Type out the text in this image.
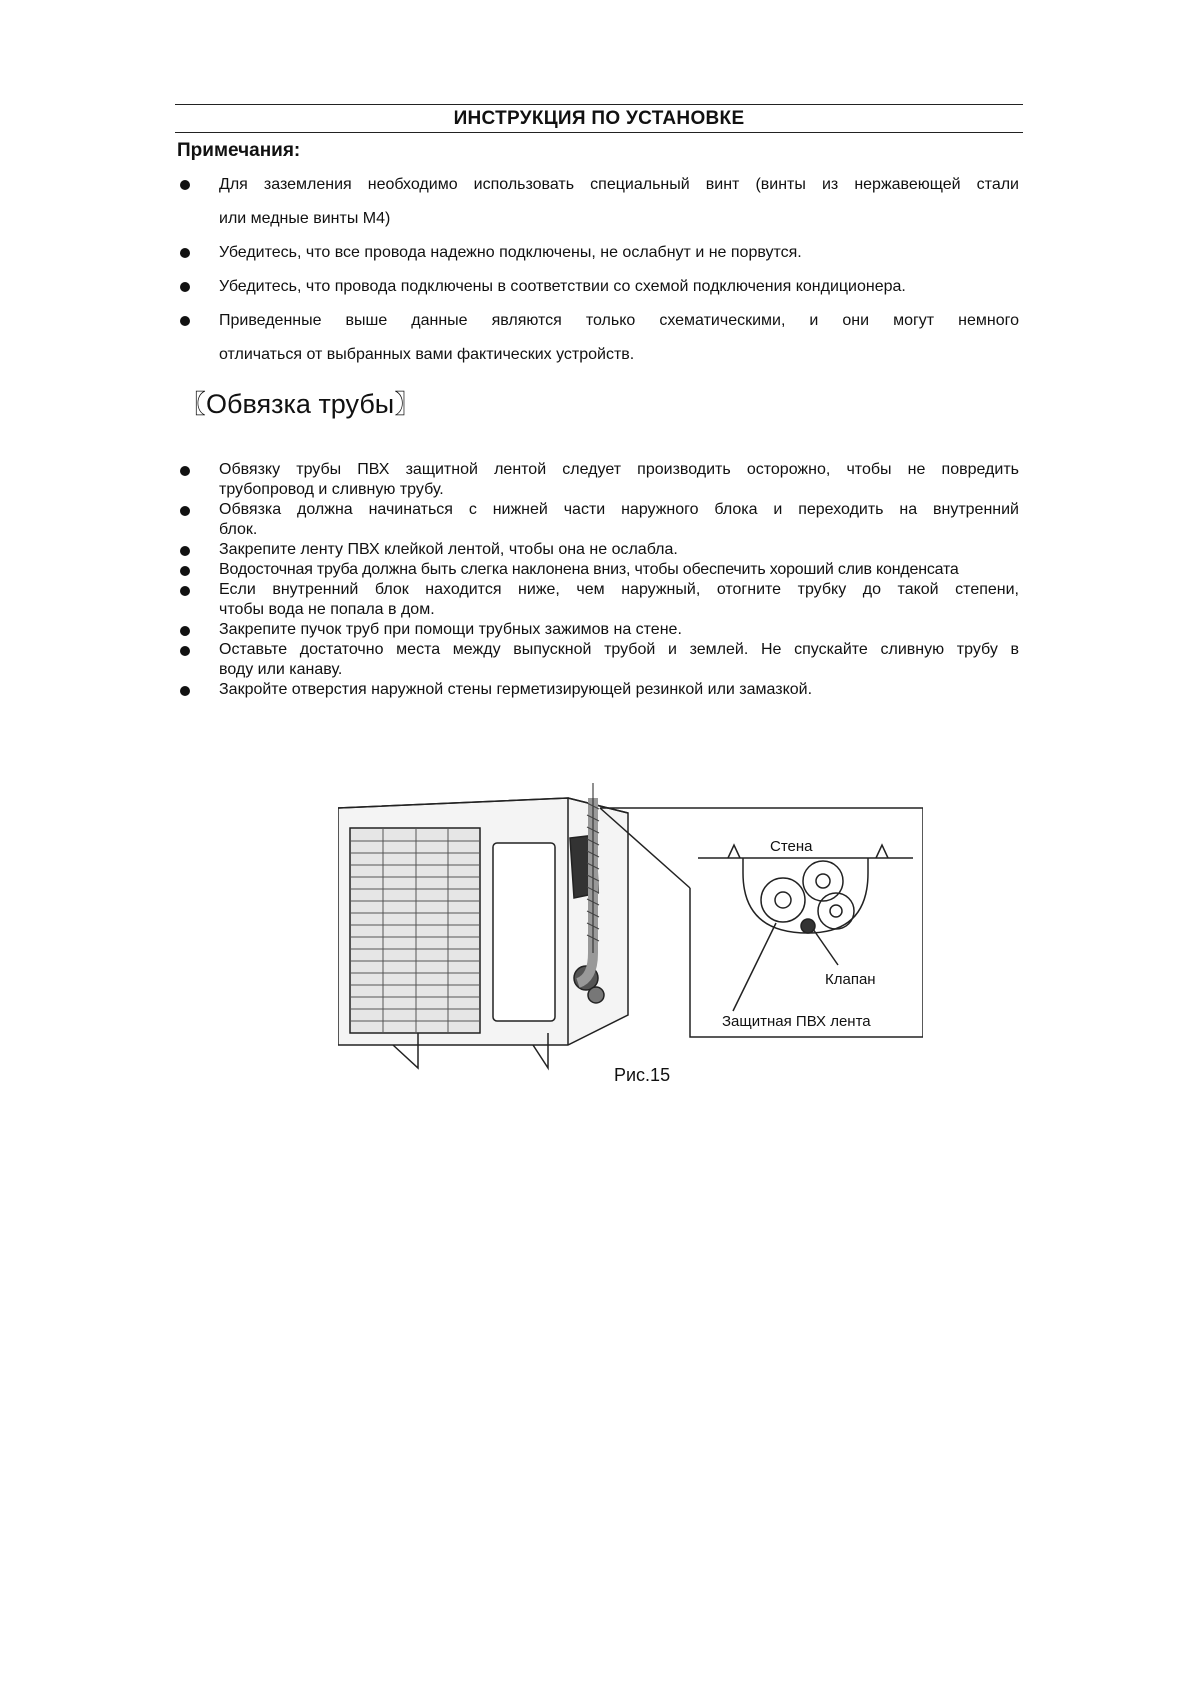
ИНСТРУКЦИЯ ПО УСТАНОВКЕ
Примечания:
Для заземления необходимо использовать специальный винт (винты из нержавеющей стали
или медные винты М4)
Убедитесь, что все провода надежно подключены, не ослабнут и не порвутся.
Убедитесь, что провода подключены в соответствии со схемой подключения кондиционера.
Приведенные выше данные являются только схематическими, и они могут немного
отличаться от выбранных вами фактических устройств.
〖Обвязка трубы〗
Обвязку трубы ПВХ защитной лентой следует производить осторожно, чтобы не повредить
трубопровод и сливную трубу.
Обвязка должна начинаться с нижней части наружного блока и переходить на внутренний
блок.
Закрепите ленту ПВХ клейкой лентой, чтобы она не ослабла.
Водосточная труба должна быть слегка наклонена вниз, чтобы обеспечить хороший слив конденсата
Если внутренний блок находится ниже, чем наружный, отогните трубку до такой степени,
чтобы вода не попала в дом.
Закрепите пучок труб при помощи трубных зажимов на стене.
Оставьте достаточно места между выпускной трубой и землей. Не спускайте сливную трубу в
воду или канаву.
Закройте отверстия наружной стены герметизирующей резинкой или замазкой.
Стена
Клапан
Защитная ПВХ лента
Рис.15
